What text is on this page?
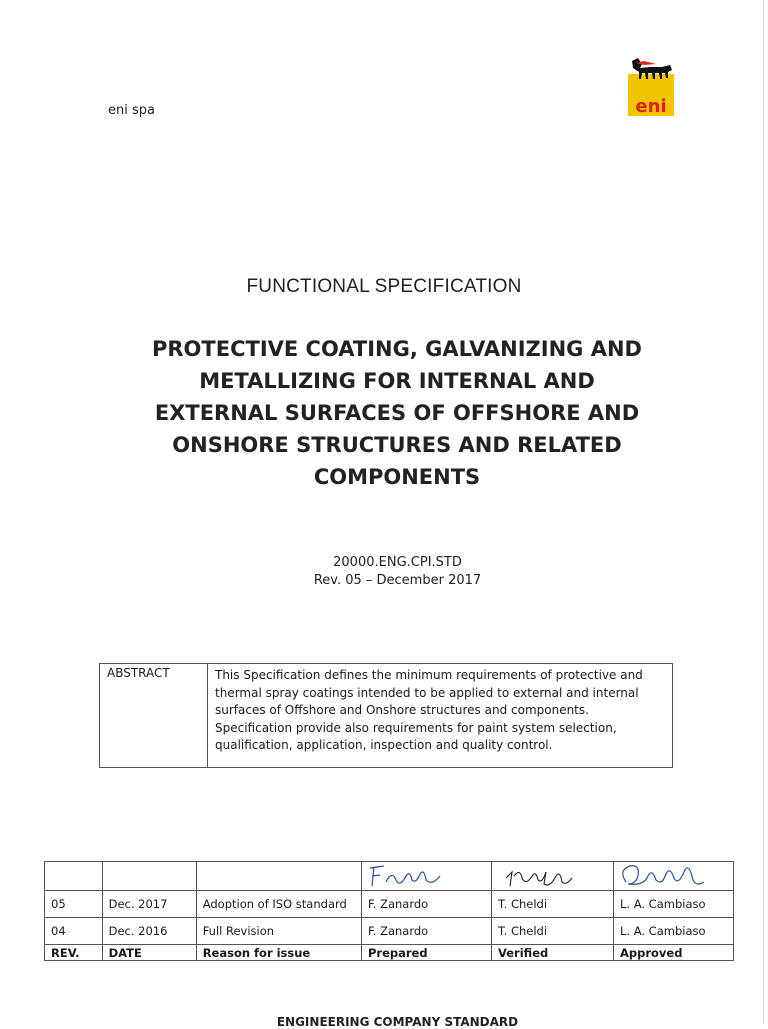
eni spa	eni
FUNCTIONAL SPECIFICATION
PROTECTIVE COATING, GALVANIZING AND
METALLIZING FOR INTERNAL AND
EXTERNAL SURFACES OF OFFSHORE AND
ONSHORE STRUCTURES AND RELATED
COMPONENTS
20000.ENG.CPI.STD
Rev. 05 – December 2017
ABSTRACT	This Specification defines the minimum requirements of protective and thermal spray coatings intended to be applied to external and internal surfaces of Offshore and Onshore structures and components. Specification provide also requirements for paint system selection, qualification, application, inspection and quality control.

05	Dec. 2017	Adoption of ISO standard	F. Zanardo	T. Cheldi	L. A. Cambiaso
04	Dec. 2016	Full Revision	F. Zanardo	T. Cheldi	L. A. Cambiaso
REV.	DATE	Reason for issue	Prepared	Verified	Approved
ENGINEERING COMPANY STANDARD
